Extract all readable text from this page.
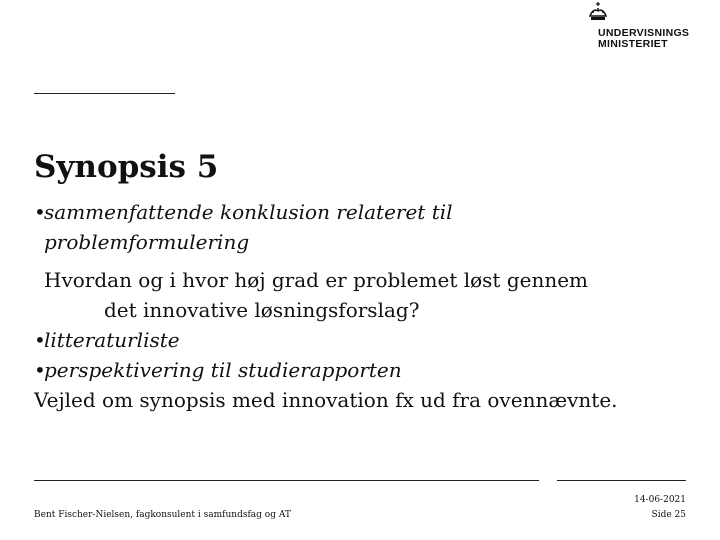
UNDERVISNINGS
MINISTERIET
Synopsis 5
•sammenfattende konklusion relateret til
problemformulering
Hvordan og i hvor høj grad er problemet løst gennem
det innovative løsningsforslag?
•litteraturliste
•perspektivering til studierapporten
Vejled om synopsis med innovation fx ud fra ovennævnte.
Bent Fischer-Nielsen, fagkonsulent i samfundsfag og AT
14-06-2021
Side 25
